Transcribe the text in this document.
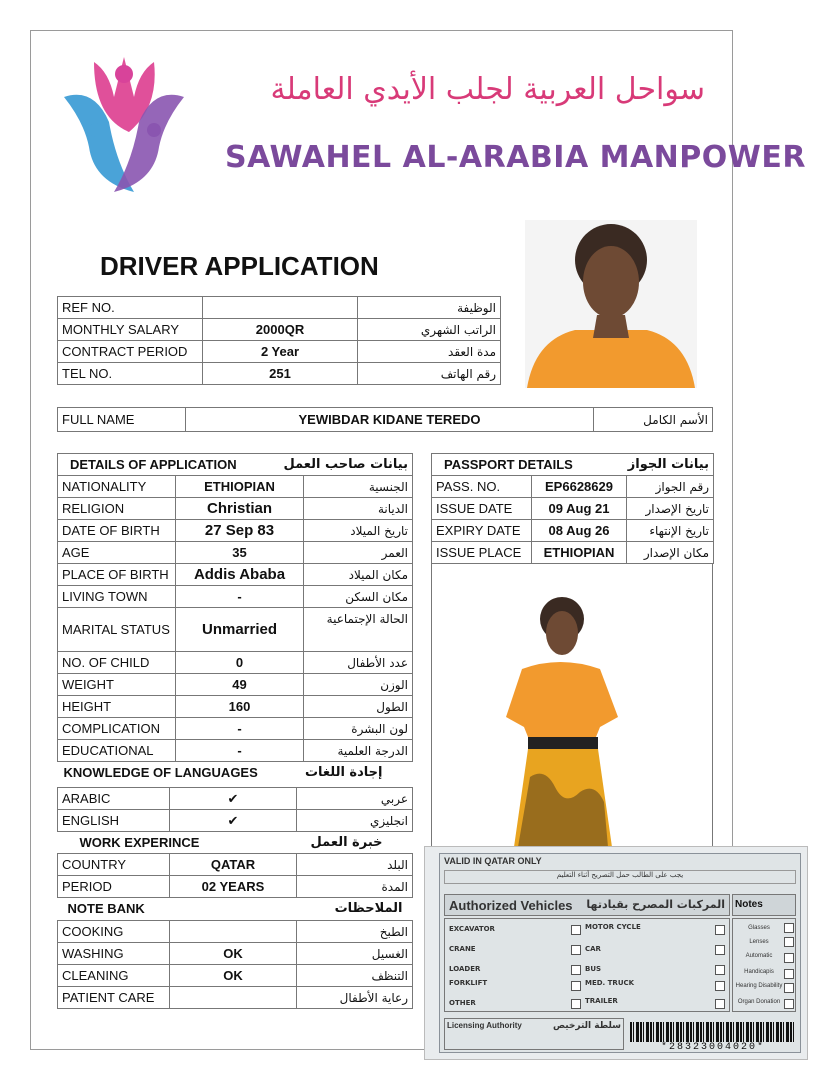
سواحل العربية لجلب الأيدي العاملة
SAWAHEL AL-ARABIA MANPOWER
DRIVER APPLICATION
REF NO.		الوظيفة
MONTHLY SALARY	2000QR	الراتب الشهري
CONTRACT PERIOD	2 Year	مدة العقد
TEL NO.	251	رقم الهاتف
FULL NAME	YEWIBDAR KIDANE TEREDO	الأسم الكامل
DETAILS OF APPLICATION		بيانات صاحب العمل
NATIONALITY	ETHIOPIAN	الجنسية
RELIGION	Christian	الديانة
DATE OF BIRTH	27 Sep 83	تاريخ الميلاد
AGE	35	العمر
PLACE OF BIRTH	Addis Ababa	مكان الميلاد
LIVING TOWN	-	مكان السكن
MARITAL STATUS	Unmarried	الحالة الإجتماعية
NO. OF CHILD	0	عدد الأطفال
WEIGHT	49	الوزن
HEIGHT	160	الطول
COMPLICATION	-	لون البشرة
EDUCATIONAL	-	الدرجة العلمية
KNOWLEDGE OF LANGUAGES		إجادة اللغات
ARABIC	✔	عربي
ENGLISH	✔	انجليزي
WORK EXPERINCE		خبرة العمل
COUNTRY	QATAR	البلد
PERIOD	02 YEARS	المدة
NOTE BANK		الملاحظات
COOKING		الطبخ
WASHING	OK	الغسيل
CLEANING	OK	التنظف
PATIENT CARE		رعاية الأطفال
PASSPORT DETAILS		بيانات الجواز
PASS. NO.	EP6628629	رقم الجواز
ISSUE DATE	09 Aug 21	تاريخ الإصدار
EXPIRY DATE	08 Aug 26	تاريخ الإنتهاء
ISSUE PLACE	ETHIOPIAN	مكان الإصدار
VALID IN QATAR ONLY
يجب على الطالب حمل التصريح أثناء التعليم
Authorized Vehicles المركبات المصرح بقيادتها	Notes
EXCAVATOR
CRANE
LOADER
FORKLIFT
OTHER
MOTOR CYCLE
CAR
BUS
MED. TRUCK
TRAILER
Glasses
Lenses
Automatic
Handicapis
Hearing Disability
Organ Donation
Licensing Authority	سلطة الترخيص
*28323004020*
